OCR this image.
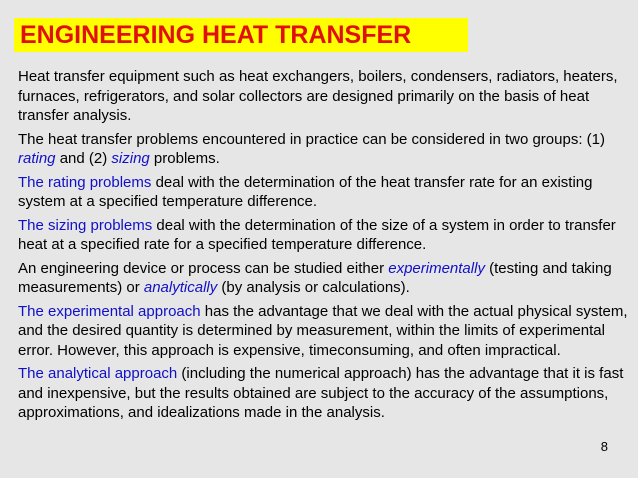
ENGINEERING HEAT TRANSFER

Heat transfer equipment such as heat exchangers, boilers, condensers, radiators, heaters, furnaces, refrigerators, and solar collectors are designed primarily on the basis of heat transfer analysis.

The heat transfer problems encountered in practice can be considered in two groups: (1) rating and (2) sizing problems.

The rating problems deal with the determination of the heat transfer rate for an existing system at a specified temperature difference.

The sizing problems deal with the determination of the size of a system in order to transfer heat at a specified rate for a specified temperature difference.

An engineering device or process can be studied either experimentally (testing and taking measurements) or analytically (by analysis or calculations).

The experimental approach has the advantage that we deal with the actual physical system, and the desired quantity is determined by measurement, within the limits of experimental error. However, this approach is expensive, timeconsuming, and often impractical.

The analytical approach (including the numerical approach) has the advantage that it is fast and inexpensive, but the results obtained are subject to the accuracy of the assumptions, approximations, and idealizations made in the analysis.

8
